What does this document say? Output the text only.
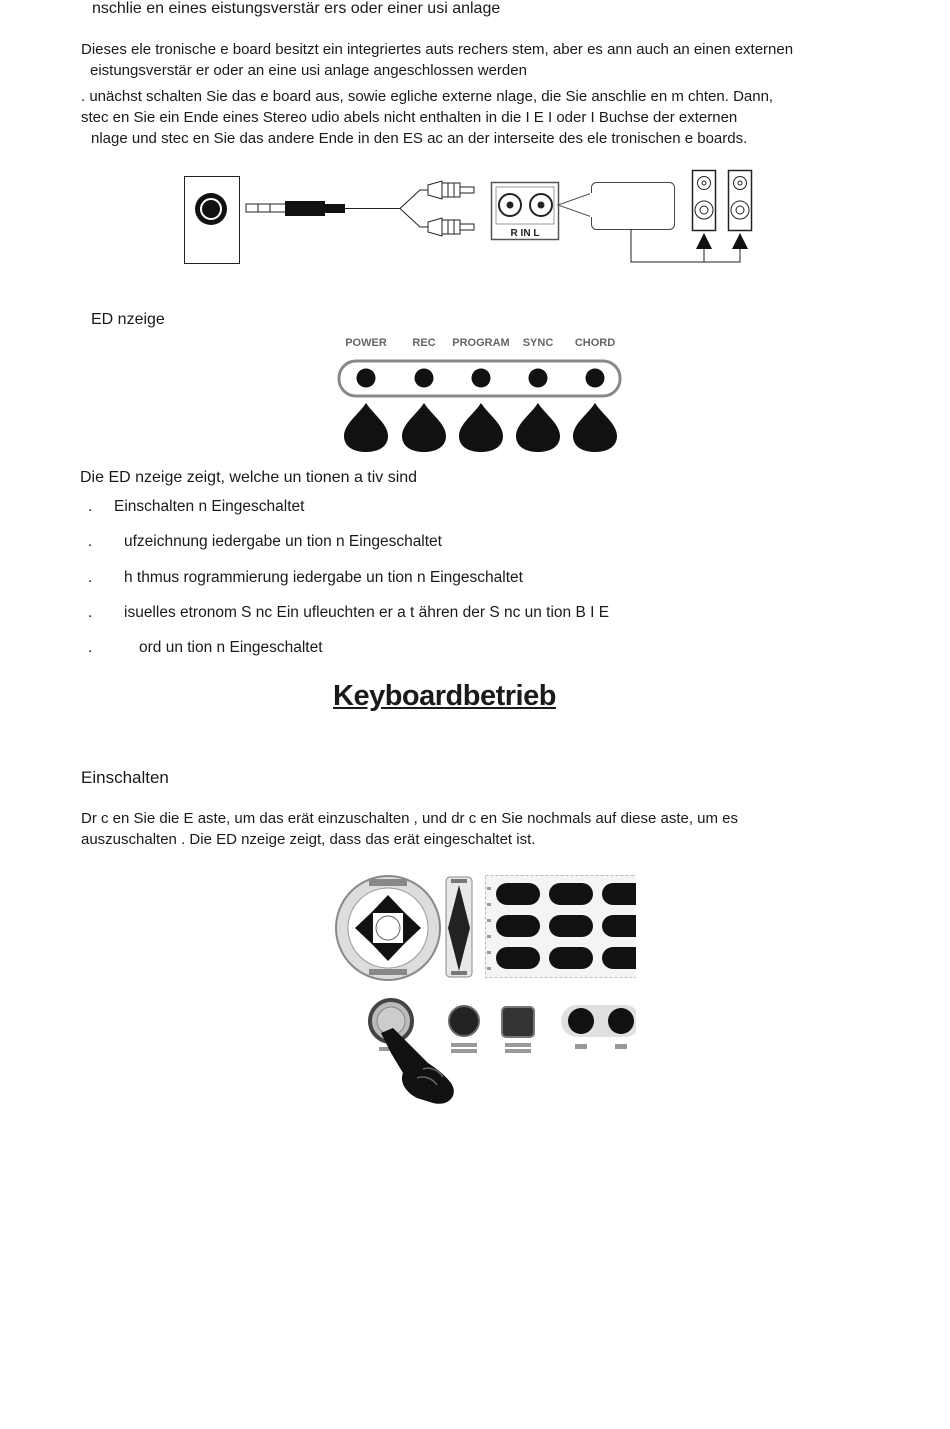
nschlie en eines eistungsverstär ers oder einer usi anlage
Dieses ele tronische e board besitzt ein integriertes auts rechers stem, aber es ann auch an einen externen
eistungsverstär er oder an eine usi anlage angeschlossen werden
. unächst schalten Sie das e board aus, sowie egliche externe nlage, die Sie anschlie en m chten. Dann,
stec en Sie ein Ende eines Stereo udio abels nicht enthalten in die I E I oder I Buchse der externen
nlage und stec en Sie das andere Ende in den ES ac an der interseite des ele tronischen e boards.
R IN L
ED nzeige
POWER REC PROGRAM SYNC CHORD
Die ED nzeige zeigt, welche un tionen a tiv sind
. Einschalten n Eingeschaltet
. ufzeichnung iedergabe un tion n Eingeschaltet
. h thmus rogrammierung iedergabe un tion n Eingeschaltet
. isuelles etronom S nc Ein ufleuchten er a t ähren der S nc un tion B I E
.	ord un tion n Eingeschaltet
Keyboardbetrieb
Einschalten
Dr c en Sie die E aste, um das erät einzuschalten , und dr c en Sie nochmals auf diese aste, um es
auszuschalten . Die ED nzeige zeigt, dass das erät eingeschaltet ist.
